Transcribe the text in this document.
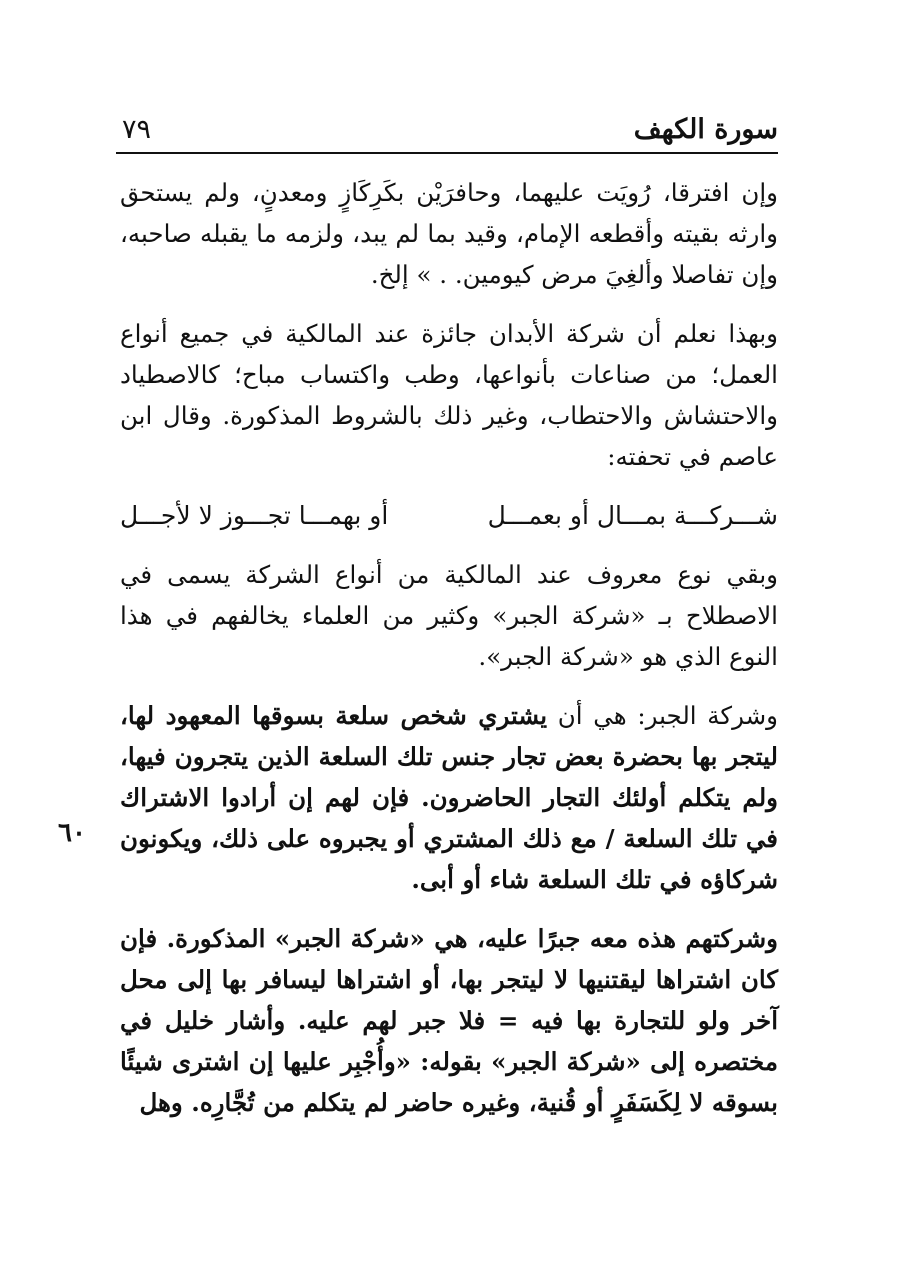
سورة الكهف
٧٩
٦٠

وإن افترقا، رُويَت عليهما، وحافرَيْن بكَرِكَازٍ ومعدنٍ، ولم يستحق وارثه بقيته وأقطعه الإمام، وقيد بما لم يبد، ولزمه ما يقبله صاحبه، وإن تفاصلا وألغِيَ مرض كيومين. . » إلخ.

وبهذا نعلم أن شركة الأبدان جائزة عند المالكية في جميع أنواع العمل؛ من صناعات بأنواعها، وطب واكتساب مباح؛ كالاصطياد والاحتشاش والاحتطاب، وغير ذلك بالشروط المذكورة. وقال ابن عاصم في تحفته:

شـــركـــة بمـــال أو بعمـــل
أو بهمـــا تجـــوز لا لأجـــل

وبقي نوع معروف عند المالكية من أنواع الشركة يسمى في الاصطلاح بـ «شركة الجبر» وكثير من العلماء يخالفهم في هذا النوع الذي هو «شركة الجبر».

وشركة الجبر: هي أن يشتري شخص سلعة بسوقها المعهود لها، ليتجر بها بحضرة بعض تجار جنس تلك السلعة الذين يتجرون فيها، ولم يتكلم أولئك التجار الحاضرون. فإن لهم إن أرادوا الاشتراك في تلك السلعة / مع ذلك المشتري أو يجبروه على ذلك، ويكونون شركاؤه في تلك السلعة شاء أو أبى.

وشركتهم هذه معه جبرًا عليه، هي «شركة الجبر» المذكورة. فإن كان اشتراها ليقتنيها لا ليتجر بها، أو اشتراها ليسافر بها إلى محل آخر ولو للتجارة بها فيه = فلا جبر لهم عليه. وأشار خليل في مختصره إلى «شركة الجبر» بقوله: «وأُجْبِر عليها إن اشترى شيئًا بسوقه لا لِكَسَفَرٍ أو قُنية، وغيره حاضر لم يتكلم من تُجَّارِه. وهل
